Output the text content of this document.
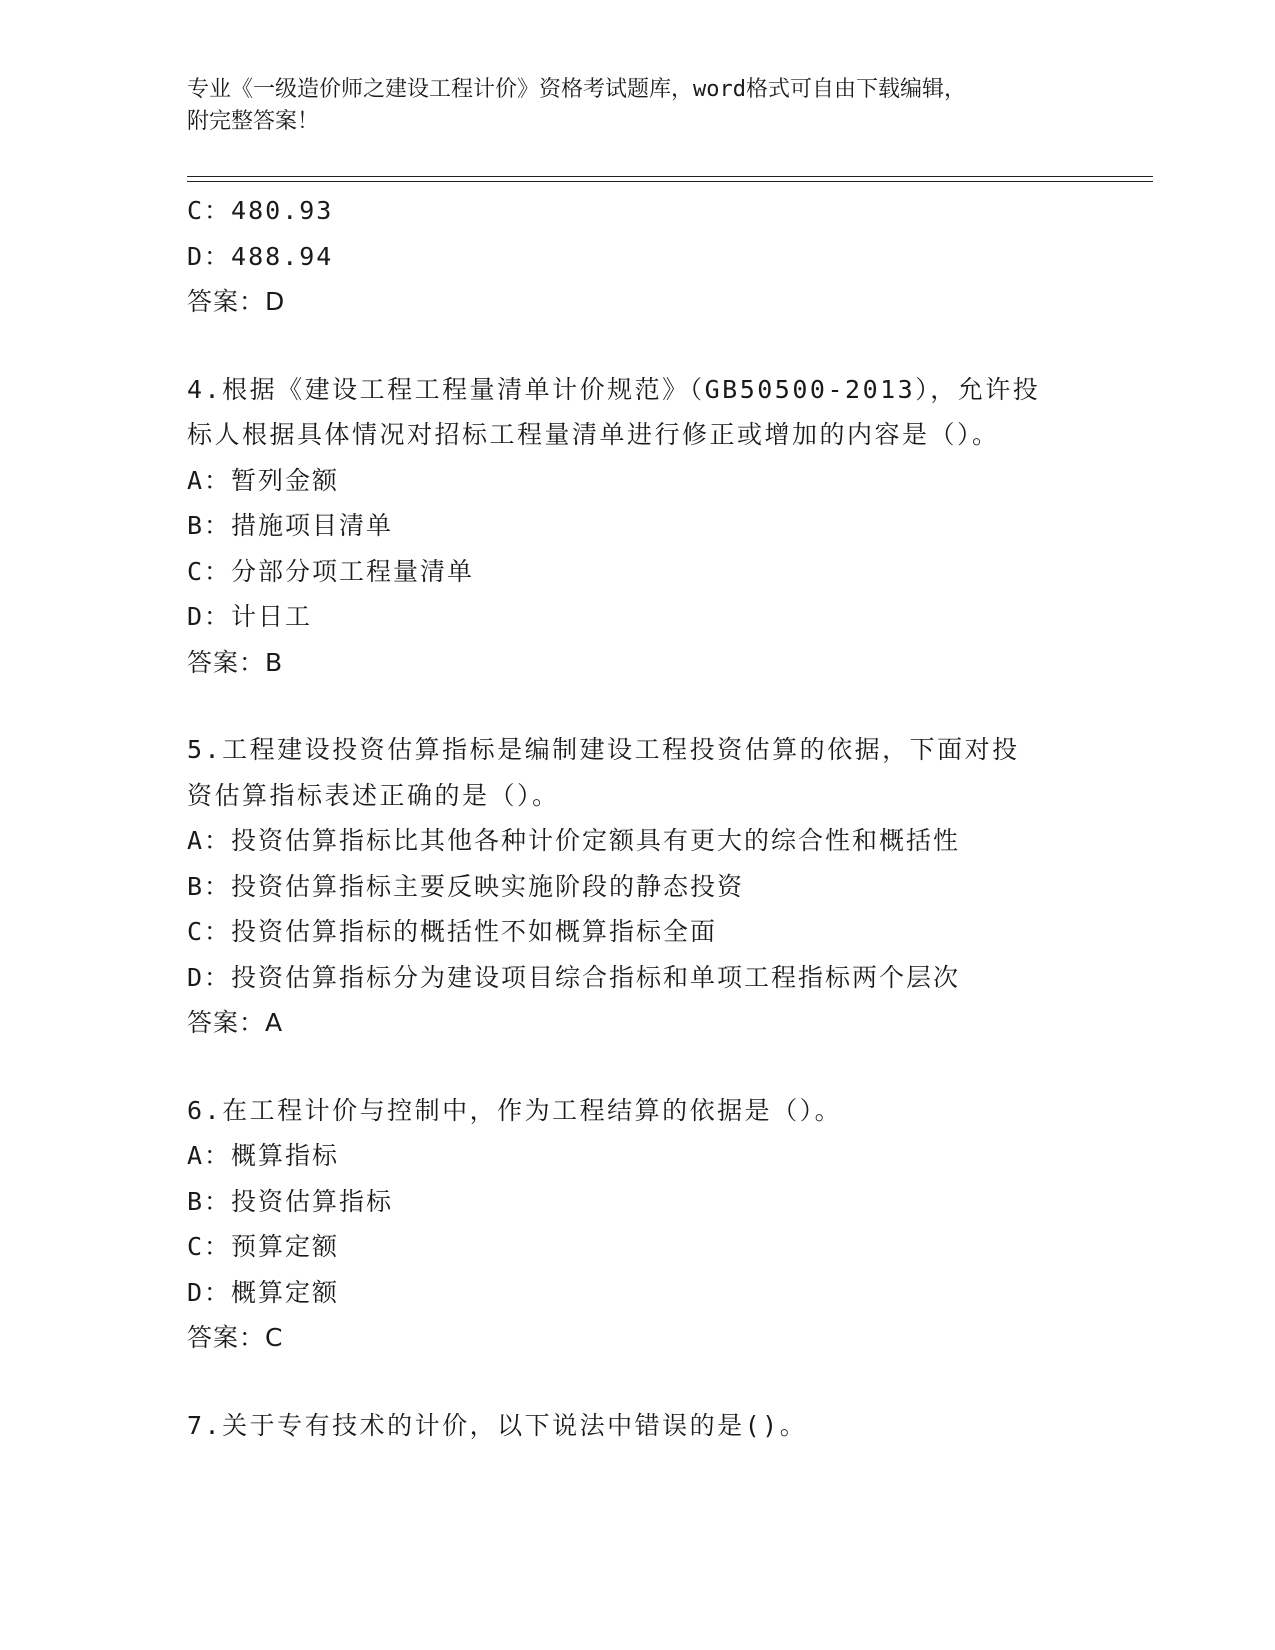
专业《一级造价师之建设工程计价》资格考试题库，word格式可自由下载编辑，
附完整答案！
C：480.93
D：488.94
答案：D
4.根据《建设工程工程量清单计价规范》（GB50500-2013），允许投
标人根据具体情况对招标工程量清单进行修正或增加的内容是（）。
A：暂列金额
B：措施项目清单
C：分部分项工程量清单
D：计日工
答案：B
5.工程建设投资估算指标是编制建设工程投资估算的依据，下面对投
资估算指标表述正确的是（）。
A：投资估算指标比其他各种计价定额具有更大的综合性和概括性
B：投资估算指标主要反映实施阶段的静态投资
C：投资估算指标的概括性不如概算指标全面
D：投资估算指标分为建设项目综合指标和单项工程指标两个层次
答案：A
6.在工程计价与控制中，作为工程结算的依据是（）。
A：概算指标
B：投资估算指标
C：预算定额
D：概算定额
答案：C
7.关于专有技术的计价，以下说法中错误的是()。
